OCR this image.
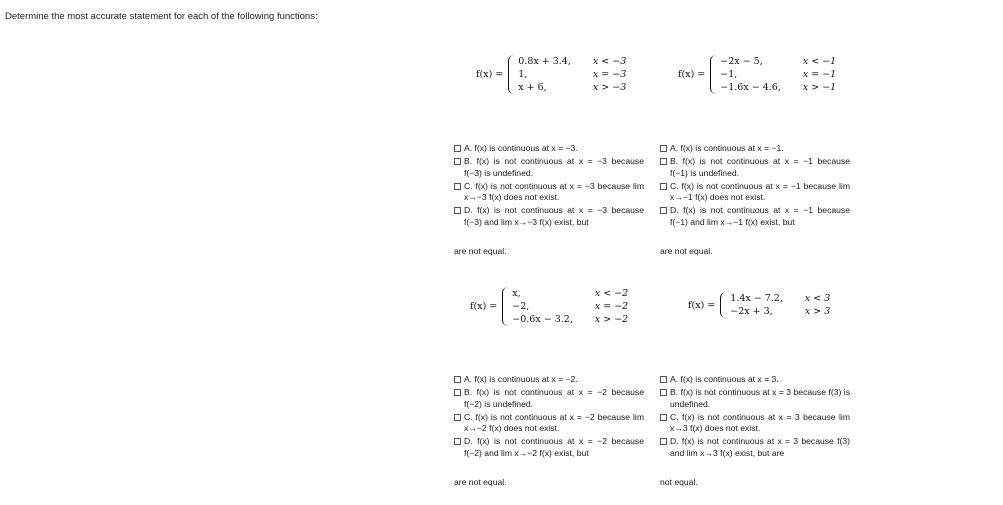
Determine the most accurate statement for each of the following functions:
f(x) =
0.8x + 3.4,	x < −3
1,	x = −3
x + 6,	x > −3
A. f(x) is continuous at x = −3.
B. f(x) is not continuous at x = −3 because f(−3) is undefined.
C. f(x) is not continuous at x = −3 because lim x→−3 f(x) does not exist.
D. f(x) is not continuous at x = −3 because f(−3) and lim x→−3 f(x) exist, but
are not equal.
f(x) =
−2x − 5,	x < −1
−1,	x = −1
−1.6x − 4.6,	x > −1
A. f(x) is continuous at x = −1.
B. f(x) is not continuous at x = −1 because f(−1) is undefined.
C. f(x) is not continuous at x = −1 because lim x→−1 f(x) does not exist.
D. f(x) is not continuous at x = −1 because f(−1) and lim x→−1 f(x) exist, but
are not equal.
f(x) =
x,	x < −2
−2,	x = −2
−0.6x − 3.2,	x > −2
A. f(x) is continuous at x = −2.
B. f(x) is not continuous at x = −2 because f(−2) is undefined.
C. f(x) is not continuous at x = −2 because lim x→−2 f(x) does not exist.
D. f(x) is not continuous at x = −2 because f(−2) and lim x→−2 f(x) exist, but
are not equal.
f(x) =
1.4x − 7.2,	x < 3
−2x + 3,	x > 3
A. f(x) is continuous at x = 3.
B. f(x) is not continuous at x = 3 because f(3) is undefined.
C. f(x) is not continuous at x = 3 because lim x→3 f(x) does not exist.
D. f(x) is not continuous at x = 3 because f(3) and lim x→3 f(x) exist, but are
not equal.
